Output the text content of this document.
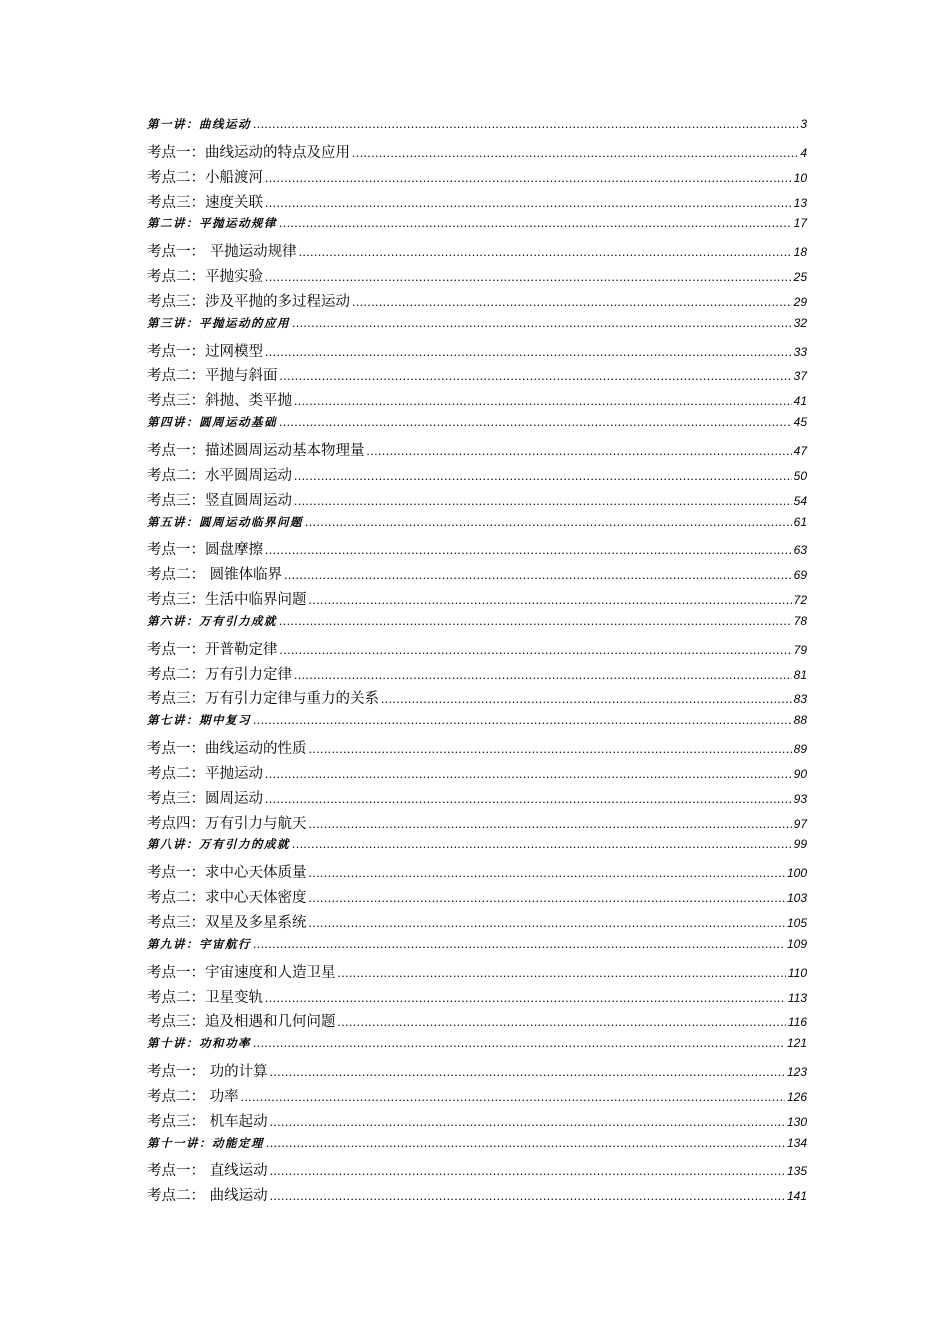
第一讲：曲线运动 .....	3
考点一：曲线运动的特点及应用 .....	4
考点二：小船渡河 .....	10
考点三：速度关联 .....	13
第二讲：平抛运动规律 .....	17
考点一： 平抛运动规律 .....	18
考点二：平抛实验 .....	25
考点三：涉及平抛的多过程运动 .....	29
第三讲：平抛运动的应用 .....	32
考点一：过网模型 .....	33
考点二：平抛与斜面 .....	37
考点三：斜抛、类平抛 .....	41
第四讲：圆周运动基础 .....	45
考点一：描述圆周运动基本物理量 .....	47
考点二：水平圆周运动 .....	50
考点三：竖直圆周运动 .....	54
第五讲：圆周运动临界问题 .....	61
考点一：圆盘摩擦 .....	63
考点二： 圆锥体临界 .....	69
考点三：生活中临界问题 .....	72
第六讲：万有引力成就 .....	78
考点一：开普勒定律 .....	79
考点二：万有引力定律 .....	81
考点三：万有引力定律与重力的关系 .....	83
第七讲：期中复习 .....	88
考点一：曲线运动的性质 .....	89
考点二：平抛运动 .....	90
考点三：圆周运动 .....	93
考点四：万有引力与航天 .....	97
第八讲：万有引力的成就 .....	99
考点一：求中心天体质量 .....	100
考点二：求中心天体密度 .....	103
考点三：双星及多星系统 .....	105
第九讲：宇宙航行 .....	109
考点一：宇宙速度和人造卫星 .....	110
考点二：卫星变轨 .....	113
考点三：追及相遇和几何问题 .....	116
第十讲：功和功率 .....	121
考点一： 功的计算 .....	123
考点二： 功率 .....	126
考点三： 机车起动 .....	130
第十一讲：动能定理 .....	134
考点一： 直线运动 .....	135
考点二： 曲线运动 .....	141
